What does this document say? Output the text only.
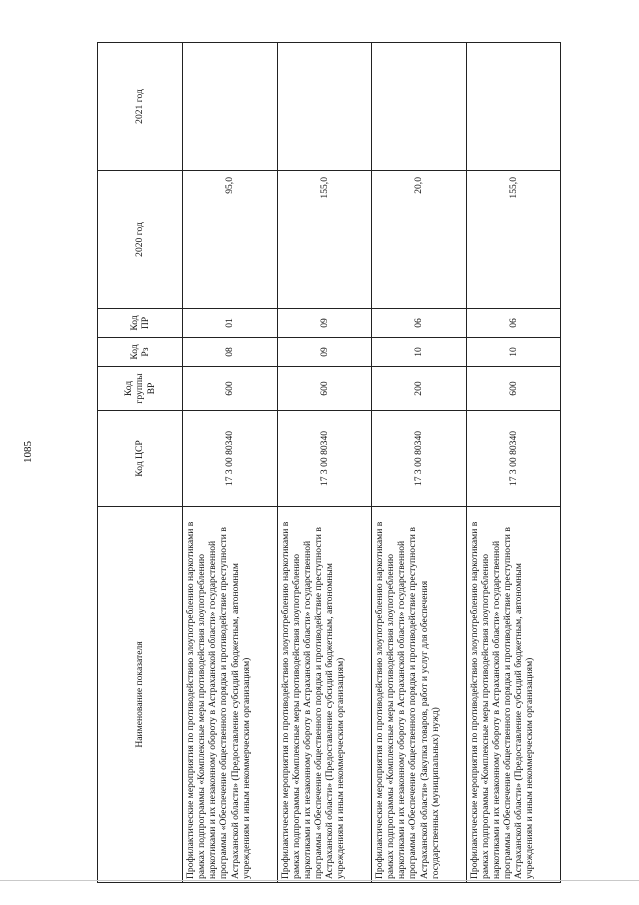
1085
Наименование показателя	Код ЦСР	Код группы ВР	Код Рз	Код ПР	2020 год	2021 год
Профилактические мероприятия по противодействию злоупотреблению наркотиками в рамках подпрограммы «Комплексные меры противодействия злоупотреблению наркотиками и их незаконному обороту в Астраханской области» государственной программы «Обеспечение общественного порядка и противодействие преступности в Астраханской области» (Предоставление субсидий бюджетным, автономным учреждениям и иным некоммерческим организациям)	17 3 00 80340	600	08	01	95,0	
Профилактические мероприятия по противодействию злоупотреблению наркотиками в рамках подпрограммы «Комплексные меры противодействия злоупотреблению наркотиками и их незаконному обороту в Астраханской области» государственной программы «Обеспечение общественного порядка и противодействие преступности в Астраханской области» (Предоставление субсидий бюджетным, автономным учреждениям и иным некоммерческим организациям)	17 3 00 80340	600	09	09	155,0	
Профилактические мероприятия по противодействию злоупотреблению наркотиками в рамках подпрограммы «Комплексные меры противодействия злоупотреблению наркотиками и их незаконному обороту в Астраханской области» государственной программы «Обеспечение общественного порядка и противодействие преступности в Астраханской области» (Закупка товаров, работ и услуг для обеспечения государственных (муниципальных) нужд)	17 3 00 80340	200	10	06	20,0	
Профилактические мероприятия по противодействию злоупотреблению наркотиками в рамках подпрограммы «Комплексные меры противодействия злоупотреблению наркотиками и их незаконному обороту в Астраханской области» государственной программы «Обеспечение общественного порядка и противодействие преступности в Астраханской области» (Предоставление субсидий бюджетным, автономным учреждениям и иным некоммерческим организациям)	17 3 00 80340	600	10	06	155,0	
